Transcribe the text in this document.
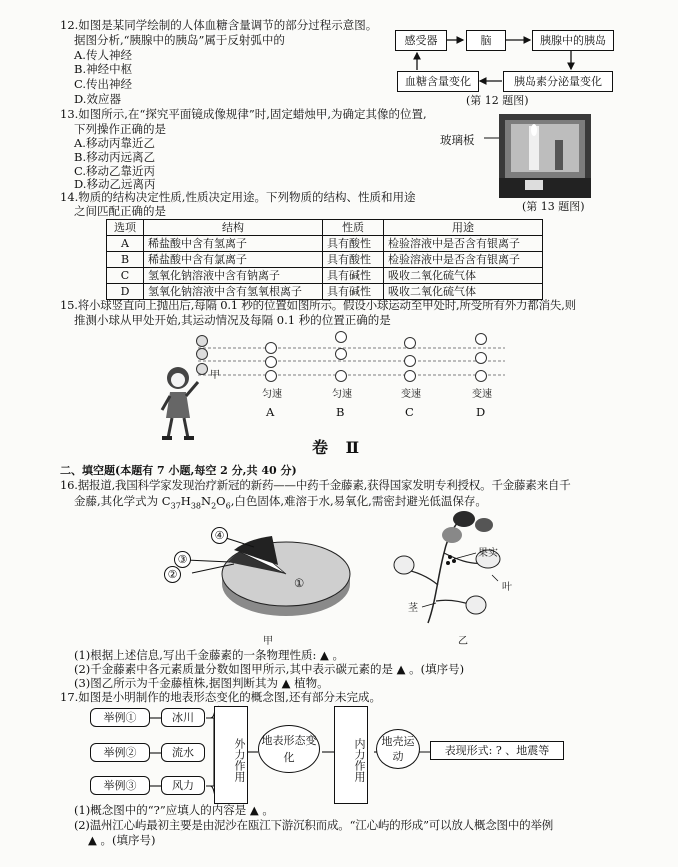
12.如图是某同学绘制的人体血糖含量调节的部分过程示意图。
据图分析,“胰腺中的胰岛”属于反射弧中的
A.传人神经
B.神经中枢
C.传出神经
D.效应器
感受器	脑	胰腺中的胰岛
血糖含量变化	胰岛素分泌量变化
(第 12 题图)
13.如图所示,在“探究平面镜成像规律”时,固定蜡烛甲,为确定其像的位置,
下列操作正确的是
A.移动丙靠近乙
B.移动丙远离乙
C.移动乙靠近丙
D.移动乙远离丙
玻璃板
(第 13 题图)
14.物质的结构决定性质,性质决定用途。下列物质的结构、性质和用途
之间匹配正确的是
选项	结构	性质	用途
A	稀盐酸中含有氢离子	具有酸性	检验溶液中是否含有银离子
B	稀盐酸中含有氯离子	具有酸性	检验溶液中是否含有银离子
C	氢氧化钠溶液中含有钠离子	具有碱性	吸收二氧化硫气体
D	氢氧化钠溶液中含有氢氧根离子	具有碱性	吸收二氧化硫气体
15.将小球竖直向上抛出后,每隔 0.1 秒的位置如图所示。假设小球运动至甲处时,所受所有外力都消失,则
推测小球从甲处开始,其运动情况及每隔 0.1 秒的位置正确的是
甲
匀速	匀速	变速	变速
A	B	C	D
卷 Ⅱ
二、填空题(本题有 7 小题,每空 2 分,共 40 分)
16.据报道,我国科学家发现治疗新冠的新药——中药千金藤素,获得国家发明专利授权。千金藤素来自千
金藤,其化学式为 $C_{37}H_{38}N_2O_6$,白色固体,难溶于水,易氧化,需密封避光低温保存。
④
③
②
①
甲
果实
叶
茎
乙
(1)根据上述信息,写出千金藤素的一条物理性质: ▲ 。
(2)千金藤素中各元素质量分数如图甲所示,其中表示碳元素的是 ▲ 。(填序号)
(3)图乙所示为千金藤植株,据图判断其为 ▲ 植物。
17.如图是小明制作的地表形态变化的概念图,还有部分未完成。
举例①
举例②
举例③
冰川
流水
风力
外力作用	地表形态变化	内力作用	地壳运动	表现形式: ? 、地震等
(1)概念图中的“?”应填人的内容是 ▲ 。
(2)温州江心屿最初主要是由泥沙在瓯江下游沉积而成。“江心屿的形成”可以放人概念图中的举例
▲ 。(填序号)
